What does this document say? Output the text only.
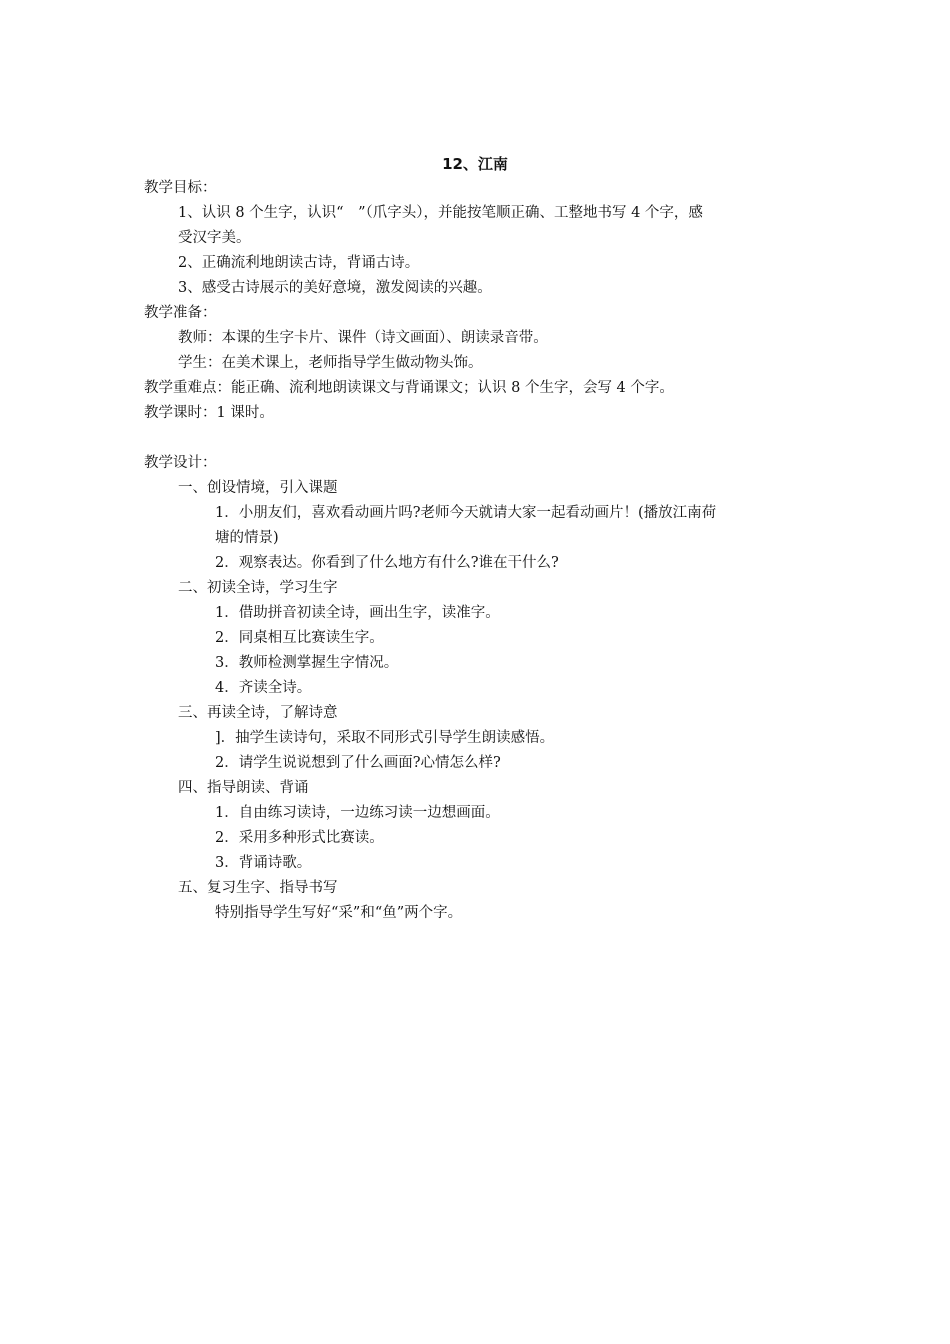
12、江南
教学目标：
1、认识 8 个生字，认识“　”（爪字头），并能按笔顺正确、工整地书写 4 个字，感
受汉字美。
2、正确流利地朗读古诗，背诵古诗。
3、感受古诗展示的美好意境，激发阅读的兴趣。
教学准备：
教师：本课的生字卡片、课件（诗文画面）、朗读录音带。
学生：在美术课上，老师指导学生做动物头饰。
教学重难点：能正确、流利地朗读课文与背诵课文；认识 8 个生字，会写 4 个字。
教学课时：1 课时。
教学设计：
一、创设情境，引入课题
1．小朋友们，喜欢看动画片吗?老师今天就请大家一起看动画片！(播放江南荷
塘的情景)
2．观察表达。你看到了什么地方有什么?谁在干什么?
二、初读全诗，学习生字
1．借助拼音初读全诗，画出生字，读准字。
2．同桌相互比赛读生字。
3．教师检测掌握生字情况。
4．齐读全诗。
三、再读全诗，了解诗意
]．抽学生读诗句，采取不同形式引导学生朗读感悟。
2．请学生说说想到了什么画面?心情怎么样?
四、指导朗读、背诵
1．自由练习读诗，一边练习读一边想画面。
2．采用多种形式比赛读。
3．背诵诗歌。
五、复习生字、指导书写
特别指导学生写好“采”和“鱼”两个字。
